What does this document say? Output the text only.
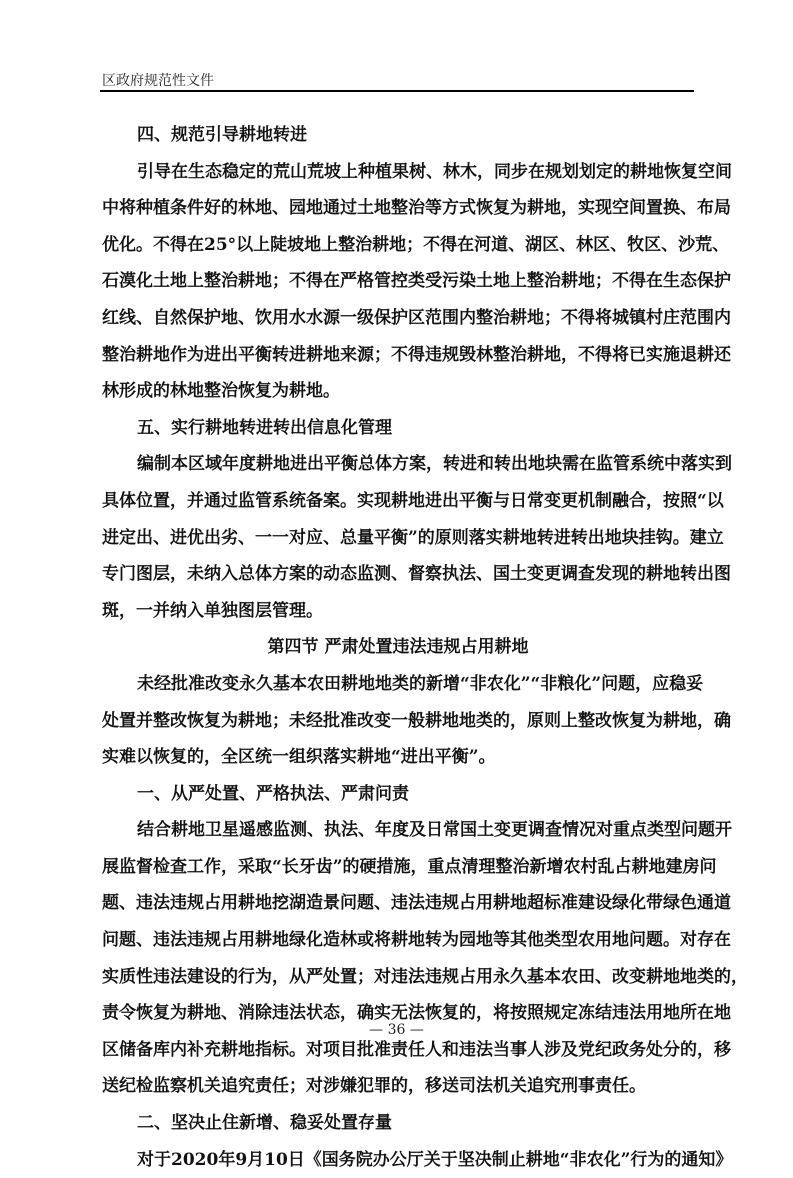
区政府规范性文件
四、规范引导耕地转进
引导在生态稳定的荒山荒坡上种植果树、林木，同步在规划划定的耕地恢复空间
中将种植条件好的林地、园地通过土地整治等方式恢复为耕地，实现空间置换、布局
优化。不得在25°以上陡坡地上整治耕地；不得在河道、湖区、林区、牧区、沙荒、
石漠化土地上整治耕地；不得在严格管控类受污染土地上整治耕地；不得在生态保护
红线、自然保护地、饮用水水源一级保护区范围内整治耕地；不得将城镇村庄范围内
整治耕地作为进出平衡转进耕地来源；不得违规毁林整治耕地，不得将已实施退耕还
林形成的林地整治恢复为耕地。
五、实行耕地转进转出信息化管理
编制本区域年度耕地进出平衡总体方案，转进和转出地块需在监管系统中落实到
具体位置，并通过监管系统备案。实现耕地进出平衡与日常变更机制融合，按照“以
进定出、进优出劣、一一对应、总量平衡”的原则落实耕地转进转出地块挂钩。建立
专门图层，未纳入总体方案的动态监测、督察执法、国土变更调查发现的耕地转出图
斑，一并纳入单独图层管理。
第四节 严肃处置违法违规占用耕地
未经批准改变永久基本农田耕地地类的新增“非农化”“非粮化”问题，应稳妥
处置并整改恢复为耕地；未经批准改变一般耕地地类的，原则上整改恢复为耕地，确
实难以恢复的，全区统一组织落实耕地“进出平衡”。
一、从严处置、严格执法、严肃问责
结合耕地卫星遥感监测、执法、年度及日常国土变更调查情况对重点类型问题开
展监督检查工作，采取“长牙齿”的硬措施，重点清理整治新增农村乱占耕地建房问
题、违法违规占用耕地挖湖造景问题、违法违规占用耕地超标准建设绿化带绿色通道
问题、违法违规占用耕地绿化造林或将耕地转为园地等其他类型农用地问题。对存在
实质性违法建设的行为，从严处置；对违法违规占用永久基本农田、改变耕地地类的，
责令恢复为耕地、消除违法状态，确实无法恢复的，将按照规定冻结违法用地所在地
区储备库内补充耕地指标。对项目批准责任人和违法当事人涉及党纪政务处分的，移
送纪检监察机关追究责任；对涉嫌犯罪的，移送司法机关追究刑事责任。
二、坚决止住新增、稳妥处置存量
对于2020年9月10日《国务院办公厅关于坚决制止耕地“非农化”行为的通知》
— 36 —
